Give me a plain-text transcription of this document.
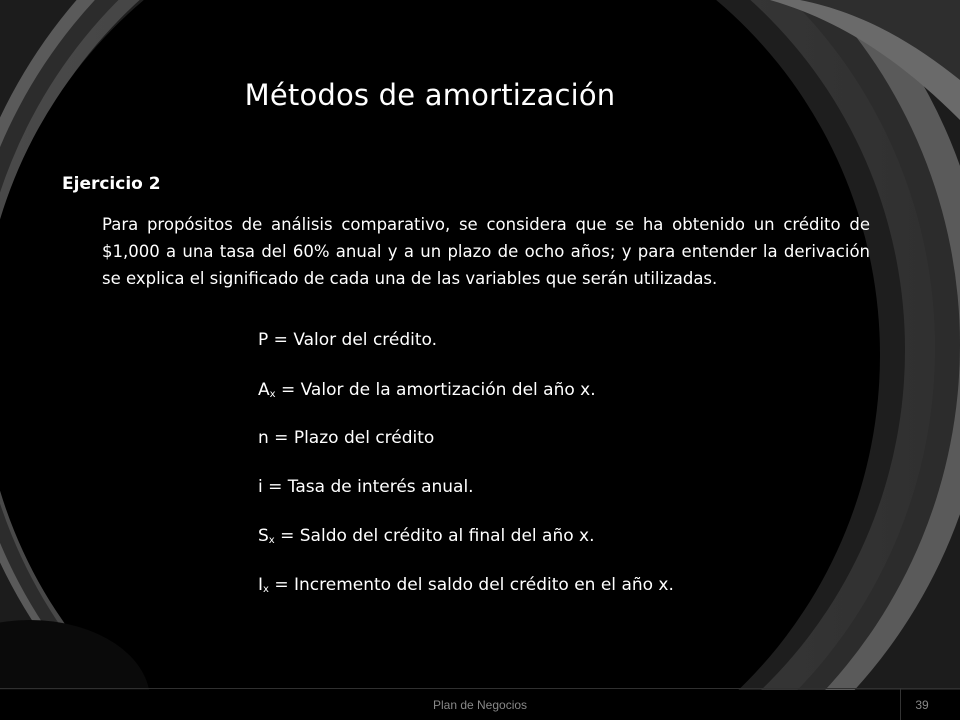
Métodos de amortización
Ejercicio 2
Para propósitos de análisis comparativo, se considera que se ha obtenido un crédito de $1,000 a una tasa del 60% anual y a un plazo de ocho años; y para entender la derivación se explica el significado de cada una de las variables que serán utilizadas.
P = Valor del crédito.
$A_x$ = Valor de la amortización del año x.
n = Plazo del crédito
i = Tasa de interés anual.
$S_x$ = Saldo del crédito al final del año x.
$I_x$ = Incremento del saldo del crédito en el año x.
Plan de Negocios	39
